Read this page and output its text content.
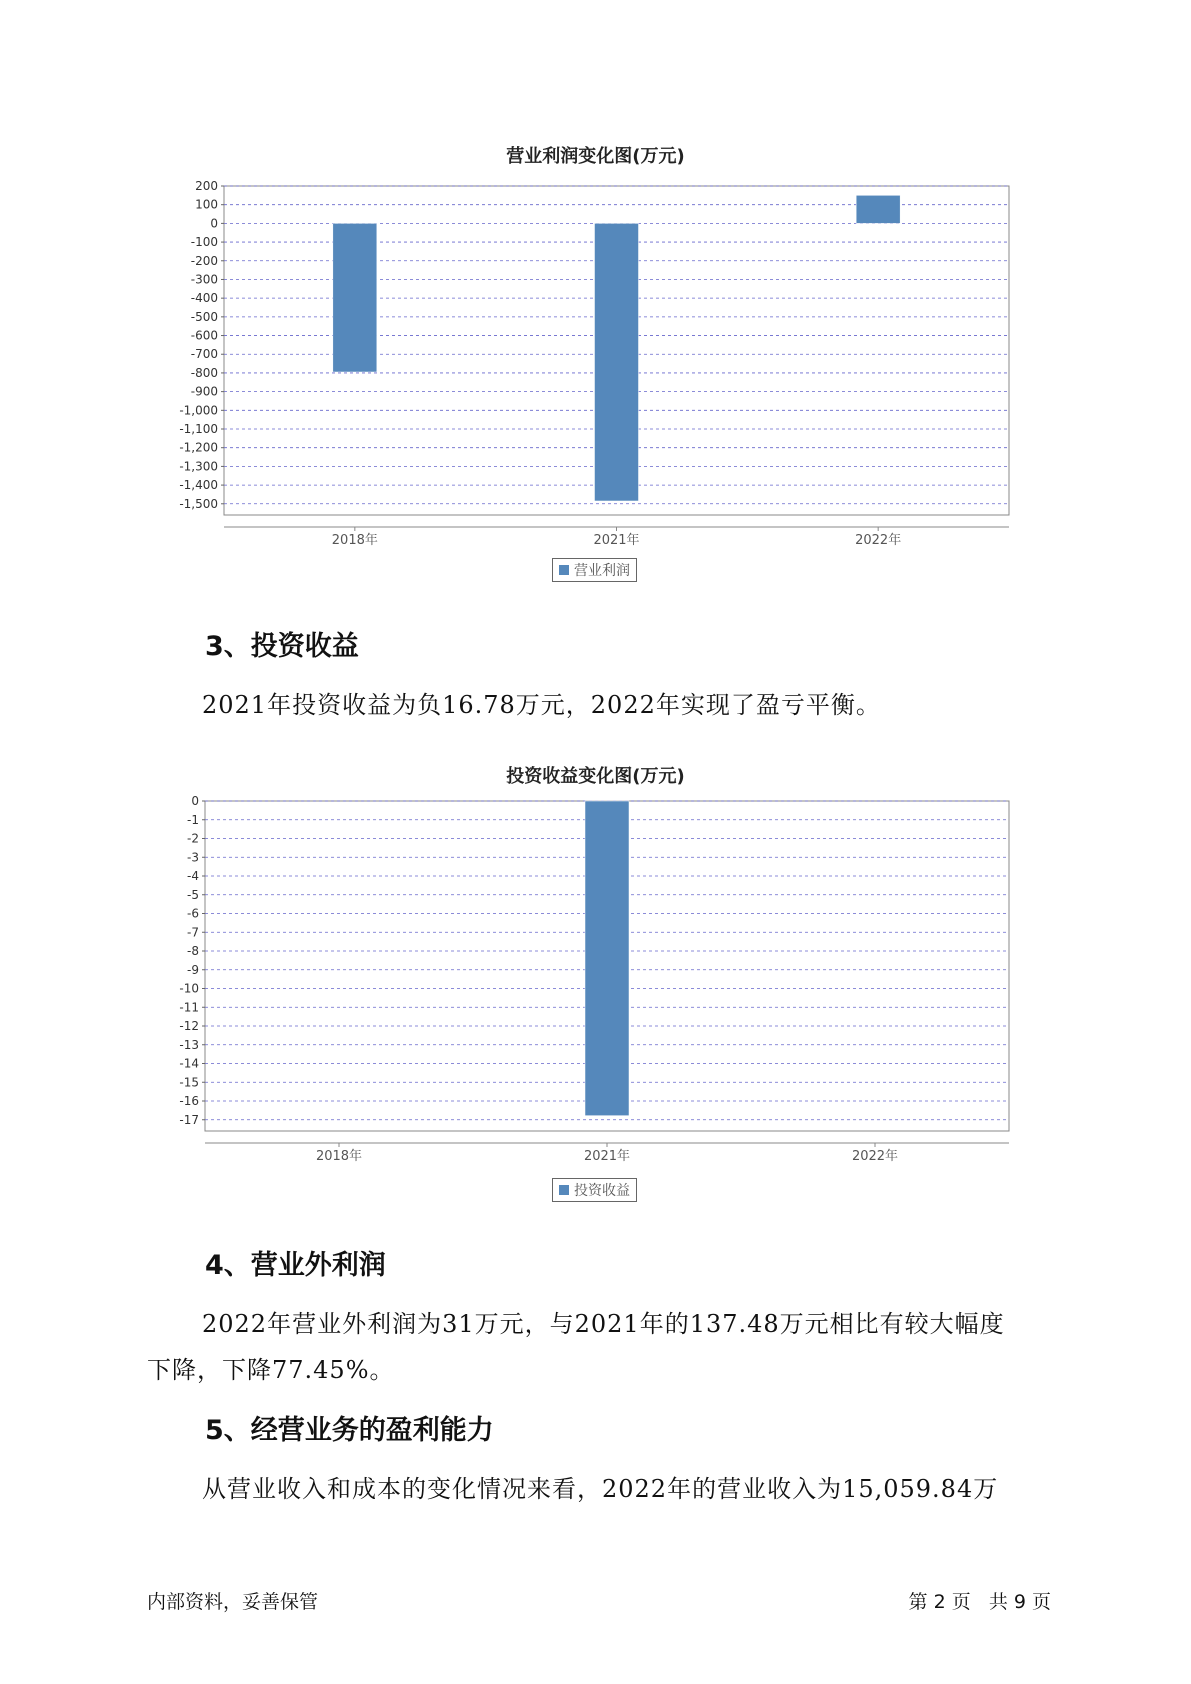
营业利润变化图(万元)
200
100
0
-100
-200
-300
-400
-500
-600
-700
-800
-900
-1,000
-1,100
-1,200
-1,300
-1,400
-1,500
2018年	2021年	2022年
营业利润
3、投资收益
2021年投资收益为负16.78万元，2022年实现了盈亏平衡。
投资收益变化图(万元)
0
-1
-2
-3
-4
-5
-6
-7
-8
-9
-10
-11
-12
-13
-14
-15
-16
-17
2018年	2021年	2022年
投资收益
4、营业外利润
2022年营业外利润为31万元，与2021年的137.48万元相比有较大幅度
下降，下降77.45%。
5、经营业务的盈利能力
从营业收入和成本的变化情况来看，2022年的营业收入为15,059.84万
内部资料，妥善保管	第 2 页   共 9 页
